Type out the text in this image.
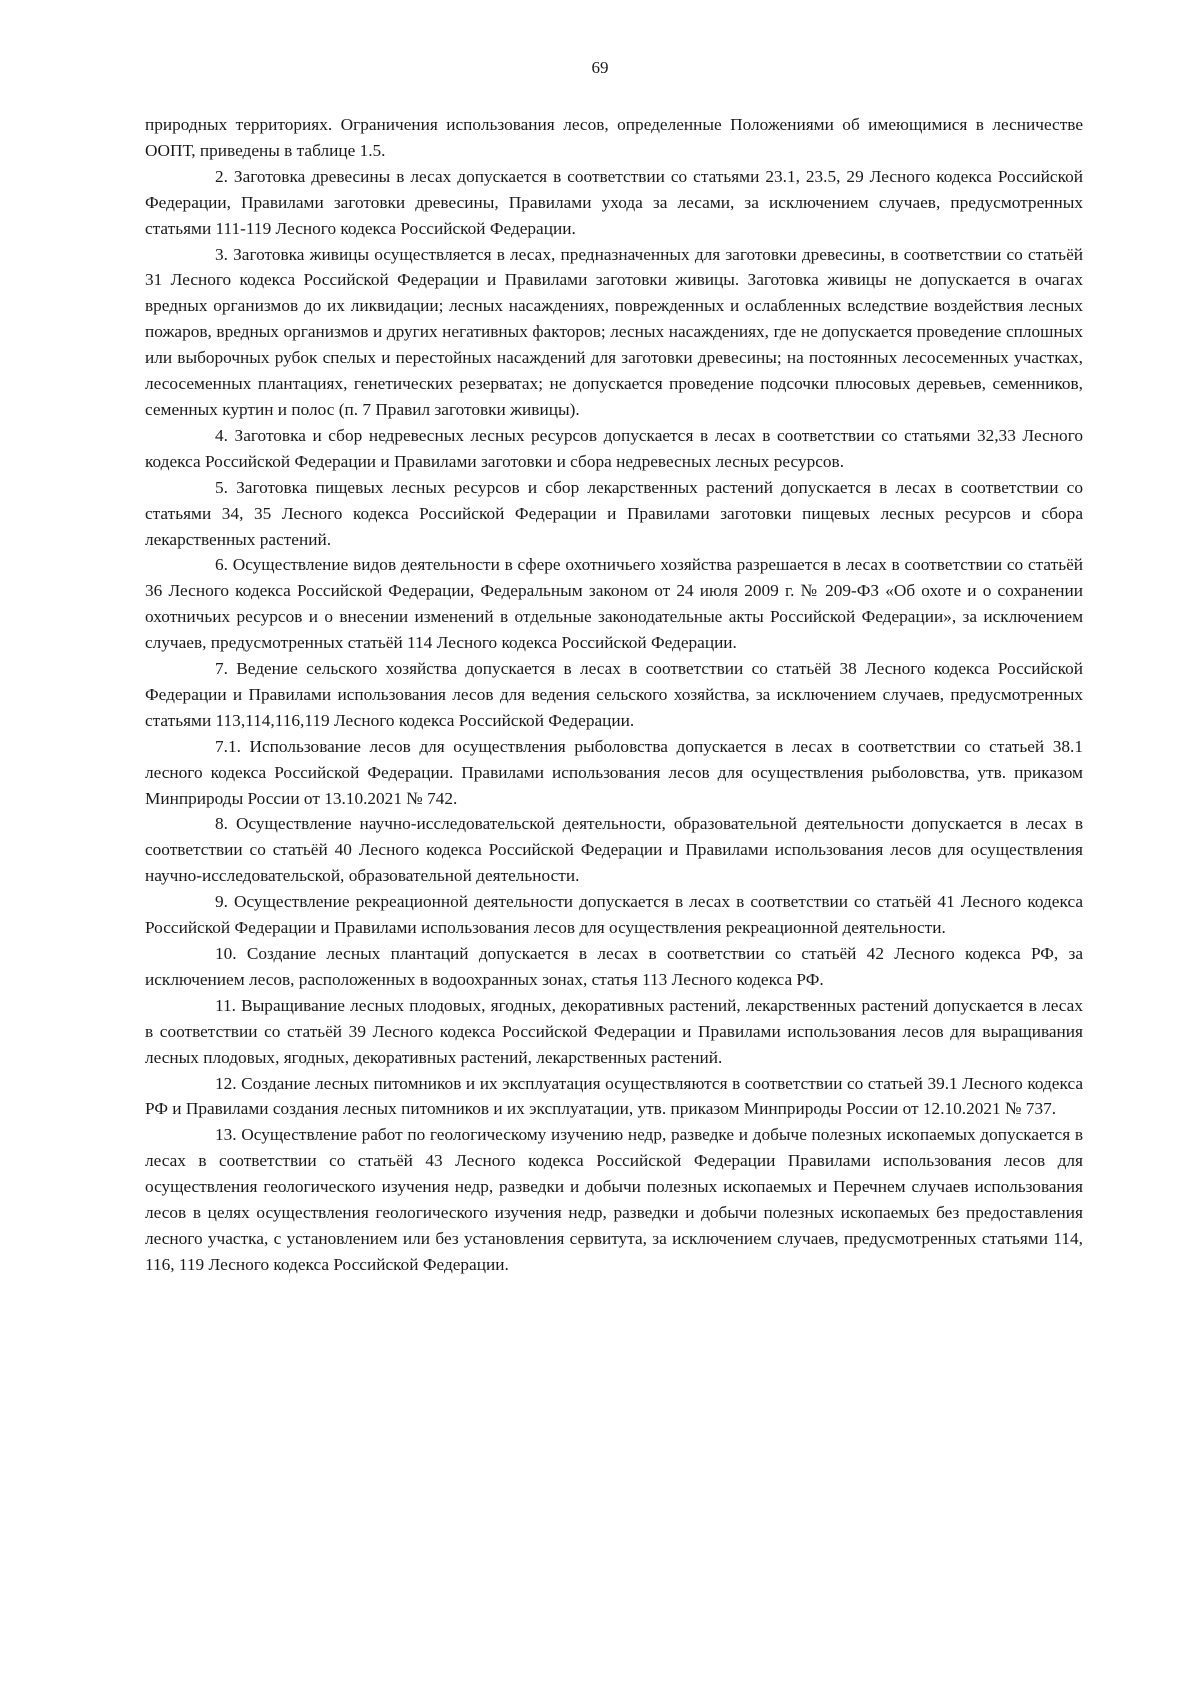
69

природных территориях. Ограничения использования лесов, определенные Положениями об имеющимися в лесничестве ООПТ, приведены в таблице 1.5.

2. Заготовка древесины в лесах допускается в соответствии со статьями 23.1, 23.5, 29 Лесного кодекса Российской Федерации, Правилами заготовки древесины, Правилами ухода за лесами, за исключением случаев, предусмотренных статьями 111-119 Лесного кодекса Российской Федерации.

3. Заготовка живицы осуществляется в лесах, предназначенных для заготовки древесины, в соответствии со статьёй 31 Лесного кодекса Российской Федерации и Правилами заготовки живицы. Заготовка живицы не допускается в очагах вредных организмов до их ликвидации; лесных насаждениях, поврежденных и ослабленных вследствие воздействия лесных пожаров, вредных организмов и других негативных факторов; лесных насаждениях, где не допускается проведение сплошных или выборочных рубок спелых и перестойных насаждений для заготовки древесины; на постоянных лесосеменных участках, лесосеменных плантациях, генетических резерватах; не допускается проведение подсочки плюсовых деревьев, семенников, семенных куртин и полос (п. 7 Правил заготовки живицы).

4. Заготовка и сбор недревесных лесных ресурсов допускается в лесах в соответствии со статьями 32,33 Лесного кодекса Российской Федерации и Правилами заготовки и сбора недревесных лесных ресурсов.

5. Заготовка пищевых лесных ресурсов и сбор лекарственных растений допускается в лесах в соответствии со статьями 34, 35 Лесного кодекса Российской Федерации и Правилами заготовки пищевых лесных ресурсов и сбора лекарственных растений.

6. Осуществление видов деятельности в сфере охотничьего хозяйства разрешается в лесах в соответствии со статьёй 36 Лесного кодекса Российской Федерации, Федеральным законом от 24 июля 2009 г. № 209-ФЗ «Об охоте и о сохранении охотничьих ресурсов и о внесении изменений в отдельные законодательные акты Российской Федерации», за исключением случаев, предусмотренных статьёй 114 Лесного кодекса Российской Федерации.

7. Ведение сельского хозяйства допускается в лесах в соответствии со статьёй 38 Лесного кодекса Российской Федерации и Правилами использования лесов для ведения сельского хозяйства, за исключением случаев, предусмотренных статьями 113,114,116,119 Лесного кодекса Российской Федерации.

7.1. Использование лесов для осуществления рыболовства допускается в лесах в соответствии со статьей 38.1 лесного кодекса Российской Федерации. Правилами использования лесов для осуществления рыболовства, утв. приказом Минприроды России от 13.10.2021 № 742.

8. Осуществление научно-исследовательской деятельности, образовательной деятельности допускается в лесах в соответствии со статьёй 40 Лесного кодекса Российской Федерации и Правилами использования лесов для осуществления научно-исследовательской, образовательной деятельности.

9. Осуществление рекреационной деятельности допускается в лесах в соответствии со статьёй 41 Лесного кодекса Российской Федерации и Правилами использования лесов для осуществления рекреационной деятельности.

10. Создание лесных плантаций допускается в лесах в соответствии со статьёй 42 Лесного кодекса РФ, за исключением лесов, расположенных в водоохранных зонах, статья 113 Лесного кодекса РФ.

11. Выращивание лесных плодовых, ягодных, декоративных растений, лекарственных растений допускается в лесах в соответствии со статьёй 39 Лесного кодекса Российской Федерации и Правилами использования лесов для выращивания лесных плодовых, ягодных, декоративных растений, лекарственных растений.

12. Создание лесных питомников и их эксплуатация осуществляются в соответствии со статьей 39.1 Лесного кодекса РФ и Правилами создания лесных питомников и их эксплуатации, утв. приказом Минприроды России от 12.10.2021 № 737.

13. Осуществление работ по геологическому изучению недр, разведке и добыче полезных ископаемых допускается в лесах в соответствии со статьёй 43 Лесного кодекса Российской Федерации Правилами использования лесов для осуществления геологического изучения недр, разведки и добычи полезных ископаемых и Перечнем случаев использования лесов в целях осуществления геологического изучения недр, разведки и добычи полезных ископаемых без предоставления лесного участка, с установлением или без установления сервитута, за исключением случаев, предусмотренных статьями 114, 116, 119 Лесного кодекса Российской Федерации.
